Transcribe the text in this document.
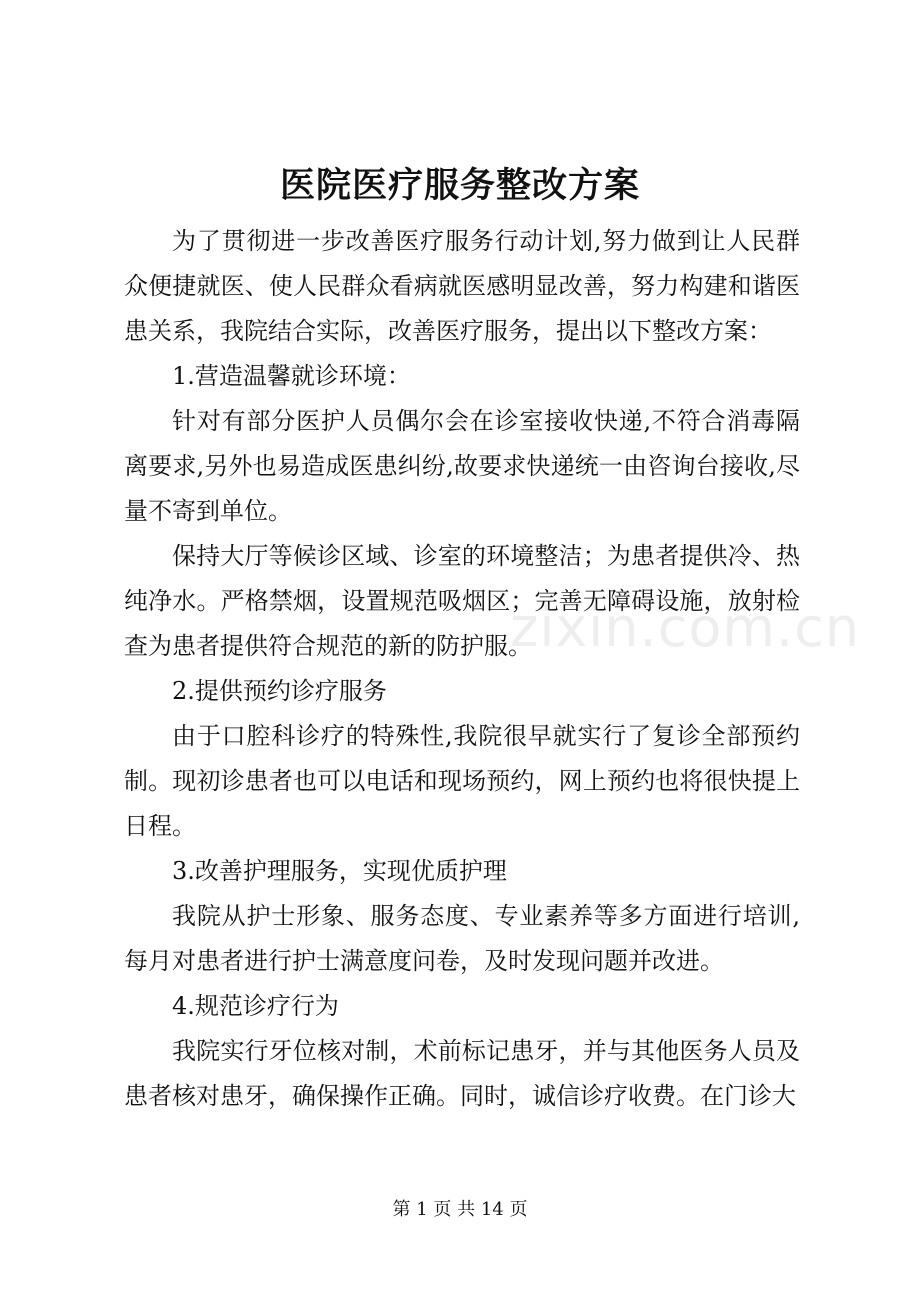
医院医疗服务整改方案

为了贯彻进一步改善医疗服务行动计划,努力做到让人民群众便捷就医、使人民群众看病就医感明显改善，努力构建和谐医患关系，我院结合实际，改善医疗服务，提出以下整改方案：

1.营造温馨就诊环境：

针对有部分医护人员偶尔会在诊室接收快递,不符合消毒隔离要求,另外也易造成医患纠纷,故要求快递统一由咨询台接收,尽量不寄到单位。

保持大厅等候诊区域、诊室的环境整洁；为患者提供冷、热纯净水。严格禁烟，设置规范吸烟区；完善无障碍设施，放射检查为患者提供符合规范的新的防护服。

2.提供预约诊疗服务

由于口腔科诊疗的特殊性,我院很早就实行了复诊全部预约制。现初诊患者也可以电话和现场预约，网上预约也将很快提上日程。

3.改善护理服务，实现优质护理

我院从护士形象、服务态度、专业素养等多方面进行培训,每月对患者进行护士满意度问卷，及时发现问题并改进。

4.规范诊疗行为

我院实行牙位核对制，术前标记患牙，并与其他医务人员及患者核对患牙，确保操作正确。同时，诚信诊疗收费。在门诊大

zixin.com.cn
第 1 页 共 14 页
